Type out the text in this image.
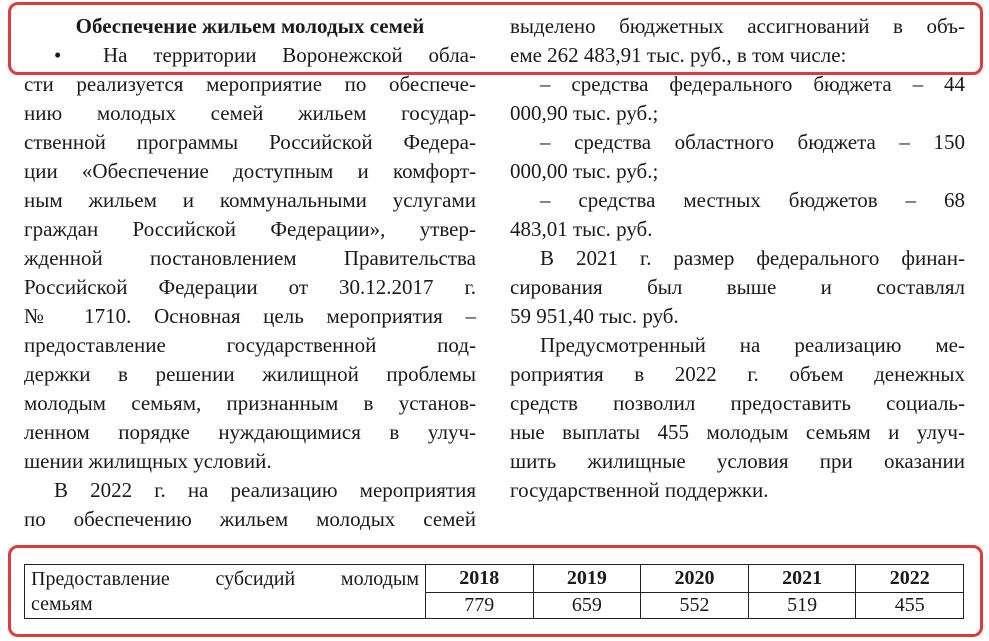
Обеспечение жильем молодых семей
• На территории Воронежской обла-
сти реализуется мероприятие по обеспече-
нию молодых семей жильем государ-
ственной программы Российской Федера-
ции «Обеспечение доступным и комфорт-
ным жильем и коммунальными услугами
граждан Российской Федерации», утвер-
жденной постановлением Правительства
Российской Федерации от 30.12.2017 г.
№ 1710. Основная цель мероприятия –
предоставление государственной под-
держки в решении жилищной проблемы
молодым семьям, признанным в установ-
ленном порядке нуждающимися в улуч-
шении жилищных условий.
В 2022 г. на реализацию мероприятия
по обеспечению жильем молодых семей
выделено бюджетных ассигнований в объ-
еме 262 483,91 тыс. руб., в том числе:
– средства федерального бюджета – 44
000,90 тыс. руб.;
– средства областного бюджета – 150
000,00 тыс. руб.;
– средства местных бюджетов – 68
483,01 тыс. руб.
В 2021 г. размер федерального финан-
сирования был выше и составлял
59 951,40 тыс. руб.
Предусмотренный на реализацию ме-
роприятия в 2022 г. объем денежных
средств позволил предоставить социаль-
ные выплаты 455 молодым семьям и улуч-
шить жилищные условия при оказании
государственной поддержки.
Предоставление субсидий молодым
семьям	2018	2019	2020	2021	2022
	779	659	552	519	455
